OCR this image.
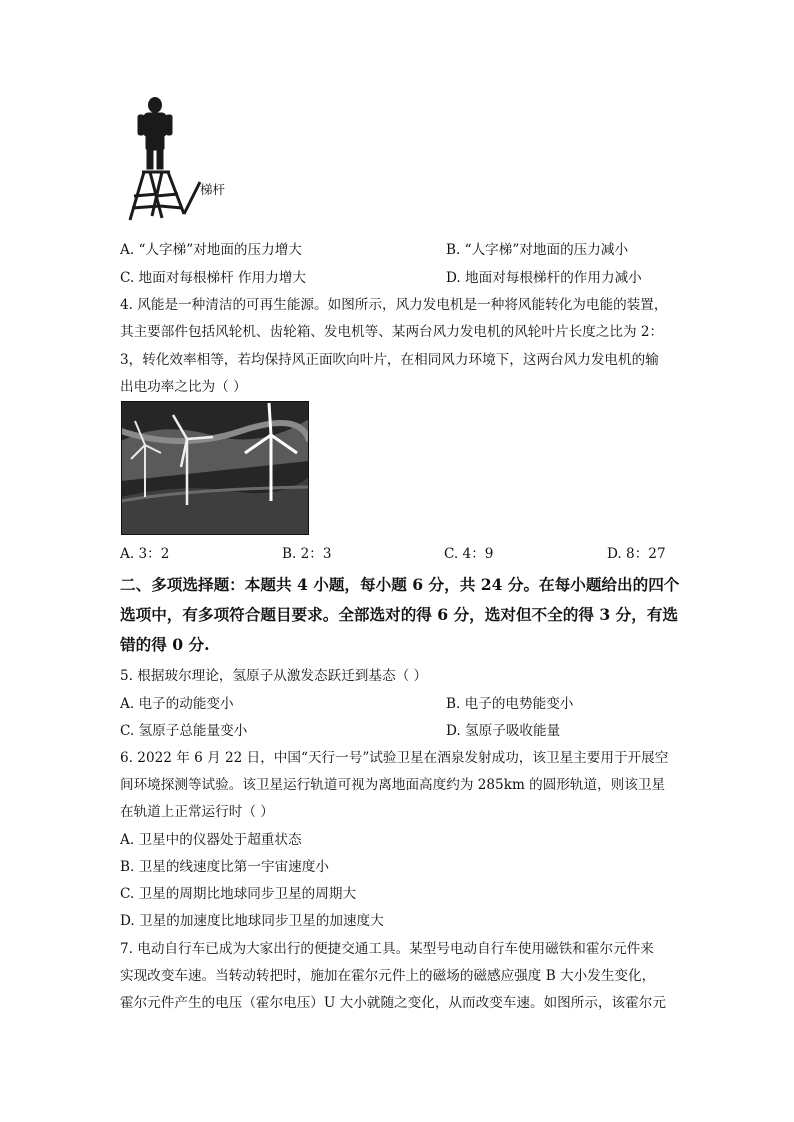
梯杆
A. “人字梯”对地面的压力增大	B. “人字梯”对地面的压力减小
C. 地面对每根梯杆 作用力增大	D. 地面对每根梯杆的作用力减小
4. 风能是一种清洁的可再生能源。如图所示，风力发电机是一种将风能转化为电能的装置，
其主要部件包括风轮机、齿轮箱、发电机等、某两台风力发电机的风轮叶片长度之比为 2：
3，转化效率相等，若均保持风正面吹向叶片，在相同风力环境下，这两台风力发电机的输
出电功率之比为（ ）
A. 3：2	B. 2：3	C. 4：9	D. 8：27
二、多项选择题：本题共 4 小题，每小题 6 分，共 24 分。在每小题给出的四个
选项中，有多项符合题目要求。全部选对的得 6 分，选对但不全的得 3 分，有选
错的得 0 分.
5. 根据玻尔理论，氢原子从激发态跃迁到基态（ ）
A. 电子的动能变小	B. 电子的电势能变小
C. 氢原子总能量变小	D. 氢原子吸收能量
6. 2022 年 6 月 22 日，中国“天行一号”试验卫星在酒泉发射成功，该卫星主要用于开展空
间环境探测等试验。该卫星运行轨道可视为离地面高度约为 285km 的圆形轨道，则该卫星
在轨道上正常运行时（ ）
A. 卫星中的仪器处于超重状态
B. 卫星的线速度比第一宇宙速度小
C. 卫星的周期比地球同步卫星的周期大
D. 卫星的加速度比地球同步卫星的加速度大
7. 电动自行车已成为大家出行的便捷交通工具。某型号电动自行车使用磁铁和霍尔元件来
实现改变车速。当转动转把时，施加在霍尔元件上的磁场的磁感应强度 B 大小发生变化，
霍尔元件产生的电压（霍尔电压）U 大小就随之变化，从而改变车速。如图所示，该霍尔元
